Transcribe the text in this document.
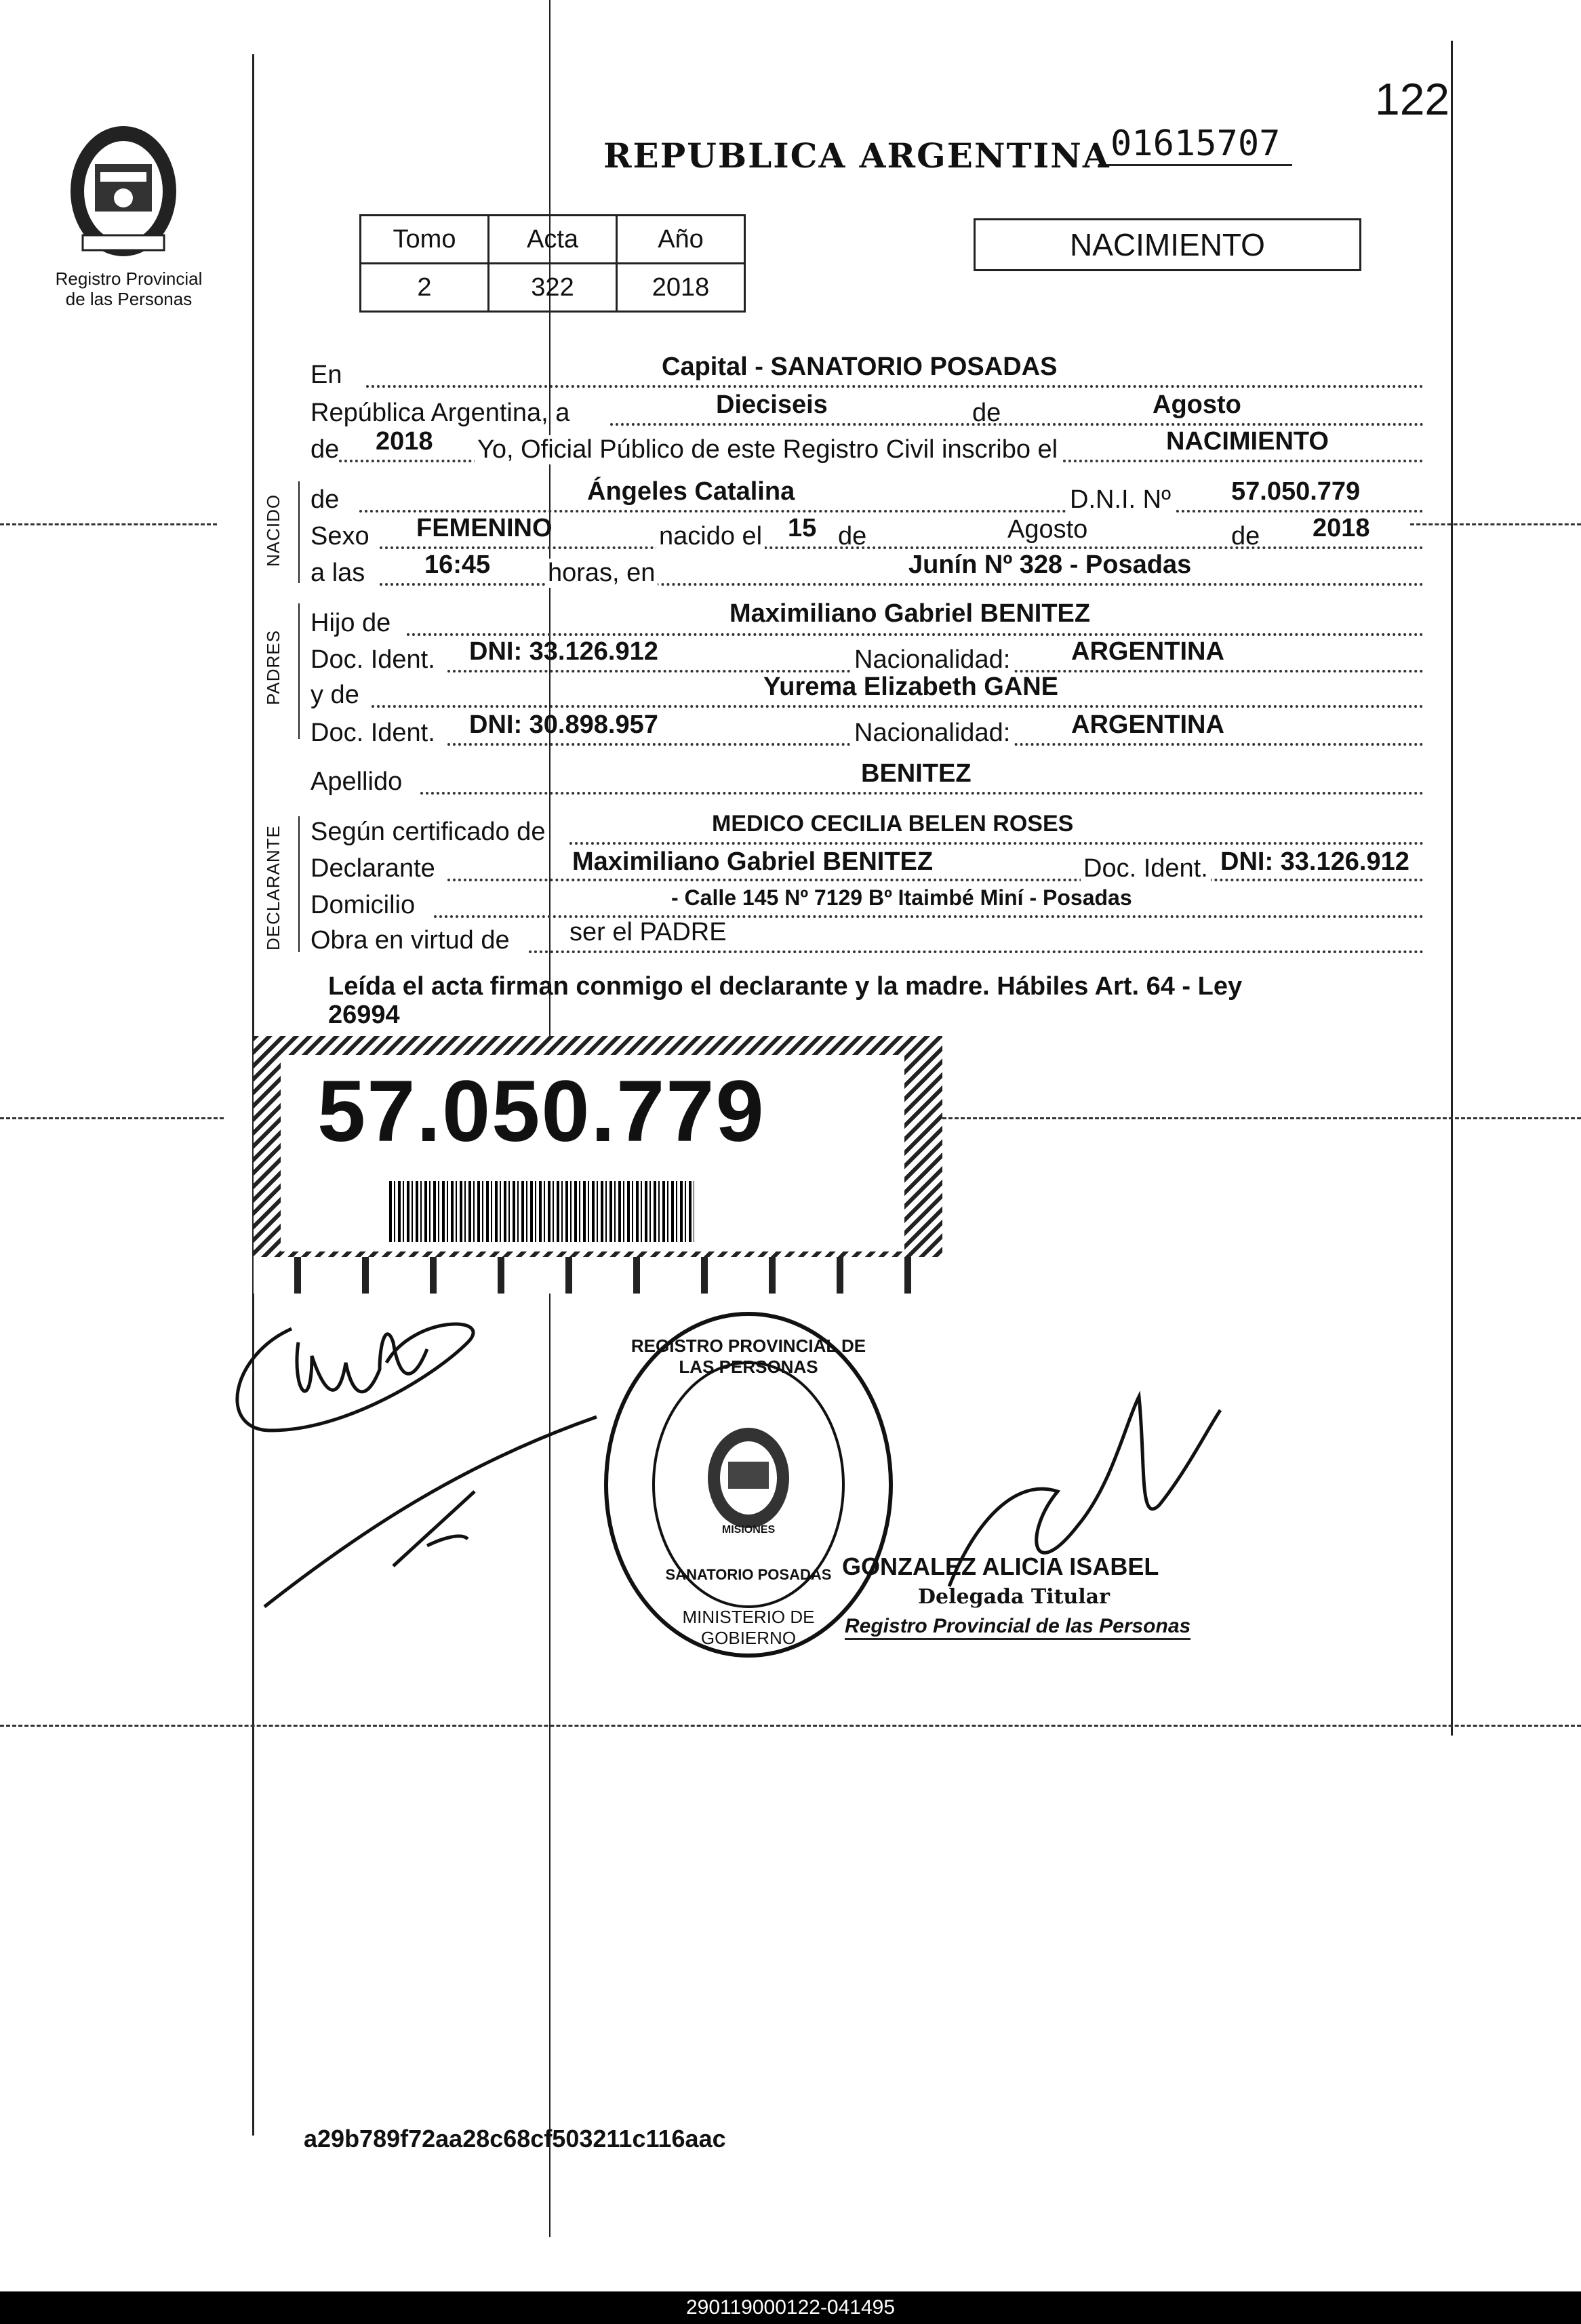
122
01615707
Registro Provincial
de las Personas
REPUBLICA ARGENTINA
Tomo	Acta	Año
2	322	2018
NACIMIENTO
En	Capital - SANATORIO POSADAS
República Argentina, a	Dieciseis	de	Agosto
de 2018 Yo, Oficial Público de este Registro Civil inscribo el	NACIMIENTO
NACIDO de	Ángeles Catalina	D.N.I. Nº 57.050.779
Sexo FEMENINO	nacido el 15 de	Agosto	de 2018
a las 16:45 horas, en	Junín Nº 328 - Posadas
PADRES
Hijo de	Maximiliano Gabriel BENITEZ
Doc. Ident. DNI: 33.126.912	Nacionalidad: ARGENTINA
y de	Yurema Elizabeth GANE
Doc. Ident. DNI: 30.898.957	Nacionalidad: ARGENTINA
Apellido	BENITEZ
DECLARANTE Según certificado de	MEDICO CECILIA BELEN ROSES
Declarante	Maximiliano Gabriel BENITEZ	Doc. Ident. DNI: 33.126.912
Domicilio	- Calle 145 Nº 7129 Bº Itaimbé Miní - Posadas
Obra en virtud de ser el PADRE
Leída el acta firman conmigo el declarante y la madre. Hábiles Art. 64 - Ley
26994
57.050.779
REGISTRO PROVINCIAL DE LAS PERSONAS
MISIONES
SANATORIO POSADAS
MINISTERIO DE GOBIERNO
GONZALEZ ALICIA ISABEL
Delegada Titular
Registro Provincial de las Personas
a29b789f72aa28c68cf503211c116aac
290119000122-041495
